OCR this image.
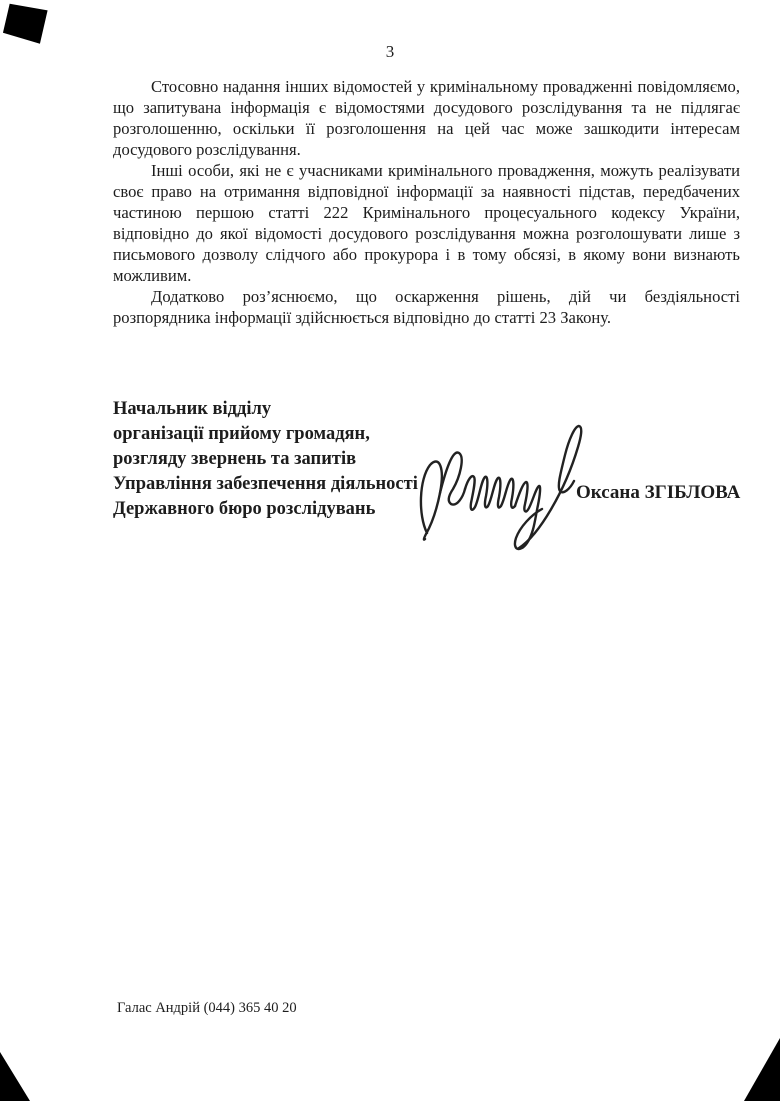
3

Стосовно надання інших відомостей у кримінальному провадженні повідомляємо, що запитувана інформація є відомостями досудового розслідування та не підлягає розголошенню, оскільки її розголошення на цей час може зашкодити інтересам досудового розслідування.

Інші особи, які не є учасниками кримінального провадження, можуть реалізувати своє право на отримання відповідної інформації за наявності підстав, передбачених частиною першою статті 222 Кримінального процесуального кодексу України, відповідно до якої відомості досудового розслідування можна розголошувати лише з письмового дозволу слідчого або прокурора і в тому обсязі, в якому вони визнають можливим.

Додатково роз’яснюємо, що оскарження рішень, дій чи бездіяльності розпорядника інформації здійснюється відповідно до статті 23 Закону.

Начальник відділу
організації прийому громадян,
розгляду звернень та запитів
Управління забезпечення діяльності
Державного бюро розслідувань
Оксана ЗГІБЛОВА
Галас Андрій (044) 365 40 20
